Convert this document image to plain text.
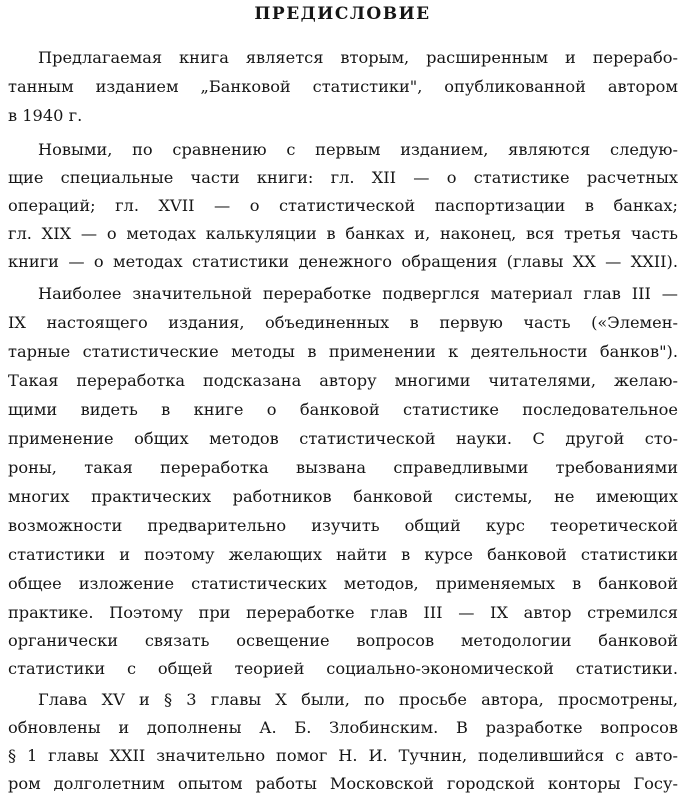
ПРЕДИСЛОВИЕ
Предлагаемая книга является вторым, расширенным и перерабо-
танным изданием „Банковой статистики", опубликованной автором
в 1940 г.
Новыми, по сравнению с первым изданием, являются следую-
щие специальные части книги: гл. XII — о статистике расчетных
операций; гл. XVII — о статистической паспортизации в банках;
гл. XIX — о методах калькуляции в банках и, наконец, вся третья часть
книги — о методах статистики денежного обращения (главы XX — XXII).
Наиболее значительной переработке подверглся материал глав III —
IX настоящего издания, объединенных в первую часть («Элемен-
тарные статистические методы в применении к деятельности банков").
Такая переработка подсказана автору многими читателями, желаю-
щими видеть в книге о банковой статистике последовательное
применение общих методов статистической науки. С другой сто-
роны, такая переработка вызвана справедливыми требованиями
многих практических работников банковой системы, не имеющих
возможности предварительно изучить общий курс теоретической
статистики и поэтому желающих найти в курсе банковой статистики
общее изложение статистических методов, применяемых в банковой
практике. Поэтому при переработке глав III — IX автор стремился
органически связать освещение вопросов методологии банковой
статистики с общей теорией социально-экономической статистики.
Глава XV и § 3 главы X были, по просьбе автора, просмотрены,
обновлены и дополнены А. Б. Злобинским. В разработке вопросов
§ 1 главы XXII значительно помог Н. И. Тучнин, поделившийся с авто-
ром долголетним опытом работы Московской городской конторы Госу-
